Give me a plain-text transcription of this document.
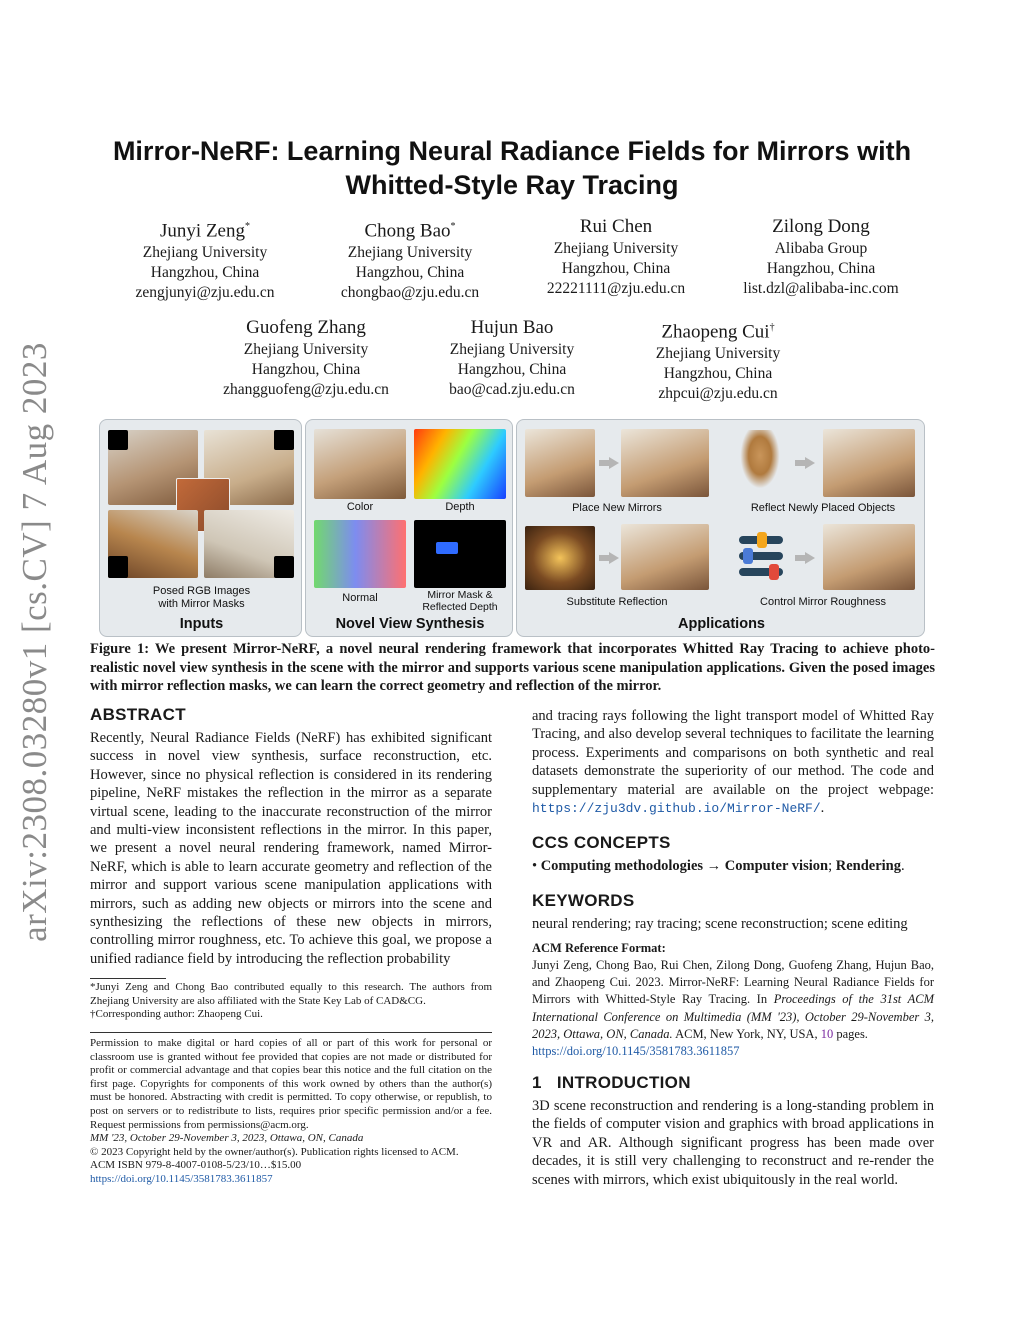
arXiv:2308.03280v1 [cs.CV] 7 Aug 2023
Mirror-NeRF: Learning Neural Radiance Fields for Mirrors with
Whitted-Style Ray Tracing
Junyi Zeng*
Zhejiang University
Hangzhou, China
zengjunyi@zju.edu.cn
Chong Bao*
Zhejiang University
Hangzhou, China
chongbao@zju.edu.cn
Rui Chen
Zhejiang University
Hangzhou, China
22221111@zju.edu.cn
Zilong Dong
Alibaba Group
Hangzhou, China
list.dzl@alibaba-inc.com
Guofeng Zhang
Zhejiang University
Hangzhou, China
zhangguofeng@zju.edu.cn
Hujun Bao
Zhejiang University
Hangzhou, China
bao@cad.zju.edu.cn
Zhaopeng Cui†
Zhejiang University
Hangzhou, China
zhpcui@zju.edu.cn
Posed RGB Images
with Mirror Masks
Inputs
Color	Depth
Normal	Mirror Mask &
Reflected Depth
Novel View Synthesis
Place New Mirrors	Reflect Newly Placed Objects
Substitute Reflection	Control Mirror Roughness
Applications
Figure 1: We present Mirror-NeRF, a novel neural rendering framework that incorporates Whitted Ray Tracing to achieve photo-realistic novel view synthesis in the scene with the mirror and supports various scene manipulation applications. Given the posed images with mirror reflection masks, we can learn the correct geometry and reflection of the mirror.
ABSTRACT
Recently, Neural Radiance Fields (NeRF) has exhibited significant success in novel view synthesis, surface reconstruction, etc. However, since no physical reflection is considered in its rendering pipeline, NeRF mistakes the reflection in the mirror as a separate virtual scene, leading to the inaccurate reconstruction of the mirror and multi-view inconsistent reflections in the mirror. In this paper, we present a novel neural rendering framework, named Mirror-NeRF, which is able to learn accurate geometry and reflection of the mirror and support various scene manipulation applications with mirrors, such as adding new objects or mirrors into the scene and synthesizing the reflections of these new objects in mirrors, controlling mirror roughness, etc. To achieve this goal, we propose a unified radiance field by introducing the reflection probability
*Junyi Zeng and Chong Bao contributed equally to this research. The authors from Zhejiang University are also affiliated with the State Key Lab of CAD&CG.
†Corresponding author: Zhaopeng Cui.
Permission to make digital or hard copies of all or part of this work for personal or classroom use is granted without fee provided that copies are not made or distributed for profit or commercial advantage and that copies bear this notice and the full citation on the first page. Copyrights for components of this work owned by others than the author(s) must be honored. Abstracting with credit is permitted. To copy otherwise, or republish, to post on servers or to redistribute to lists, requires prior specific permission and/or a fee. Request permissions from permissions@acm.org.
MM '23, October 29-November 3, 2023, Ottawa, ON, Canada
© 2023 Copyright held by the owner/author(s). Publication rights licensed to ACM.
ACM ISBN 979-8-4007-0108-5/23/10…$15.00
https://doi.org/10.1145/3581783.3611857
and tracing rays following the light transport model of Whitted Ray Tracing, and also develop several techniques to facilitate the learning process. Experiments and comparisons on both synthetic and real datasets demonstrate the superiority of our method. The code and supplementary material are available on the project webpage: https://zju3dv.github.io/Mirror-NeRF/.
CCS CONCEPTS
• Computing methodologies → Computer vision; Rendering.
KEYWORDS
neural rendering; ray tracing; scene reconstruction; scene editing
ACM Reference Format:
Junyi Zeng, Chong Bao, Rui Chen, Zilong Dong, Guofeng Zhang, Hujun Bao, and Zhaopeng Cui. 2023. Mirror-NeRF: Learning Neural Radiance Fields for Mirrors with Whitted-Style Ray Tracing. In Proceedings of the 31st ACM International Conference on Multimedia (MM '23), October 29-November 3, 2023, Ottawa, ON, Canada. ACM, New York, NY, USA, 10 pages.
https://doi.org/10.1145/3581783.3611857
1 INTRODUCTION
3D scene reconstruction and rendering is a long-standing problem in the fields of computer vision and graphics with broad applications in VR and AR. Although significant progress has been made over decades, it is still very challenging to reconstruct and re-render the scenes with mirrors, which exist ubiquitously in the real world.
